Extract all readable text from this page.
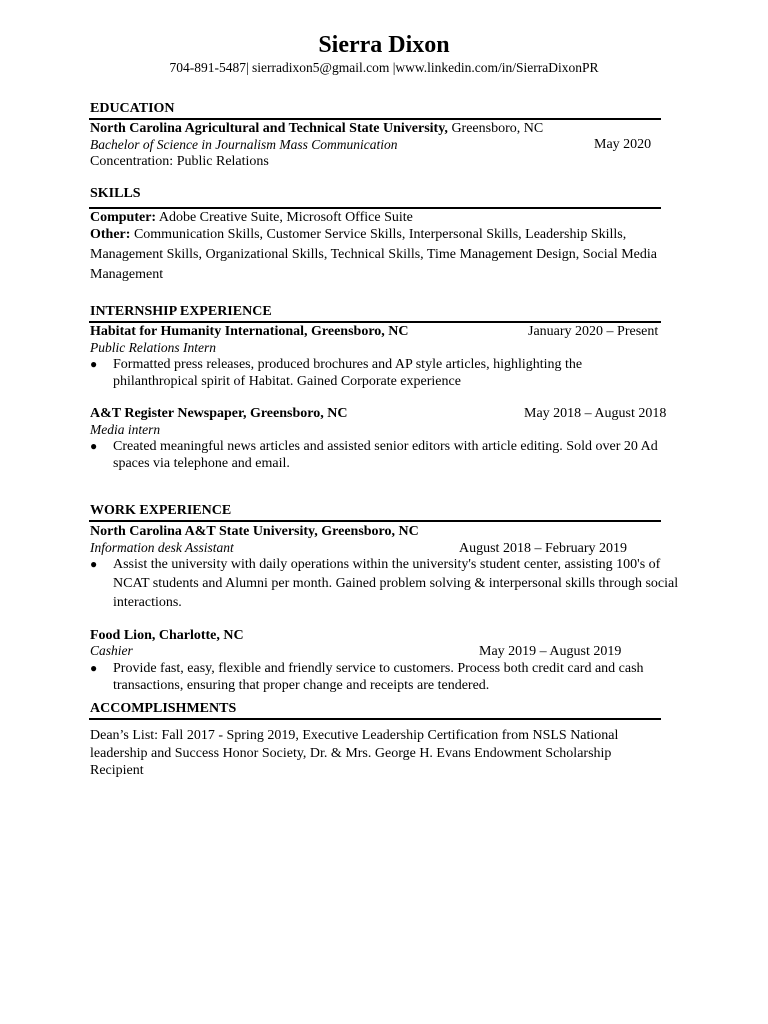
Sierra Dixon
704-891-5487| sierradixon5@gmail.com |www.linkedin.com/in/SierraDixonPR
EDUCATION
North Carolina Agricultural and Technical State University, Greensboro, NC
Bachelor of Science in Journalism Mass Communication	May 2020
Concentration: Public Relations
SKILLS
Computer: Adobe Creative Suite, Microsoft Office Suite
Other: Communication Skills, Customer Service Skills, Interpersonal Skills, Leadership Skills,
Management Skills, Organizational Skills, Technical Skills, Time Management Design, Social Media
Management
INTERNSHIP EXPERIENCE
Habitat for Humanity International, Greensboro, NC	January 2020 – Present
Public Relations Intern
● Formatted press releases, produced brochures and AP style articles, highlighting the
philanthropical spirit of Habitat. Gained Corporate experience
A&T Register Newspaper, Greensboro, NC	May 2018 – August 2018
Media intern
● Created meaningful news articles and assisted senior editors with article editing. Sold over 20 Ad
spaces via telephone and email.
WORK EXPERIENCE
North Carolina A&T State University, Greensboro, NC
Information desk Assistant	August 2018 – February 2019
● Assist the university with daily operations within the university's student center, assisting 100's of
NCAT students and Alumni per month. Gained problem solving & interpersonal skills through social
interactions.
Food Lion, Charlotte, NC
Cashier	May 2019 – August 2019
● Provide fast, easy, flexible and friendly service to customers. Process both credit card and cash
transactions, ensuring that proper change and receipts are tendered.
ACCOMPLISHMENTS
Dean’s List: Fall 2017 - Spring 2019, Executive Leadership Certification from NSLS National
leadership and Success Honor Society, Dr. & Mrs. George H. Evans Endowment Scholarship
Recipient
